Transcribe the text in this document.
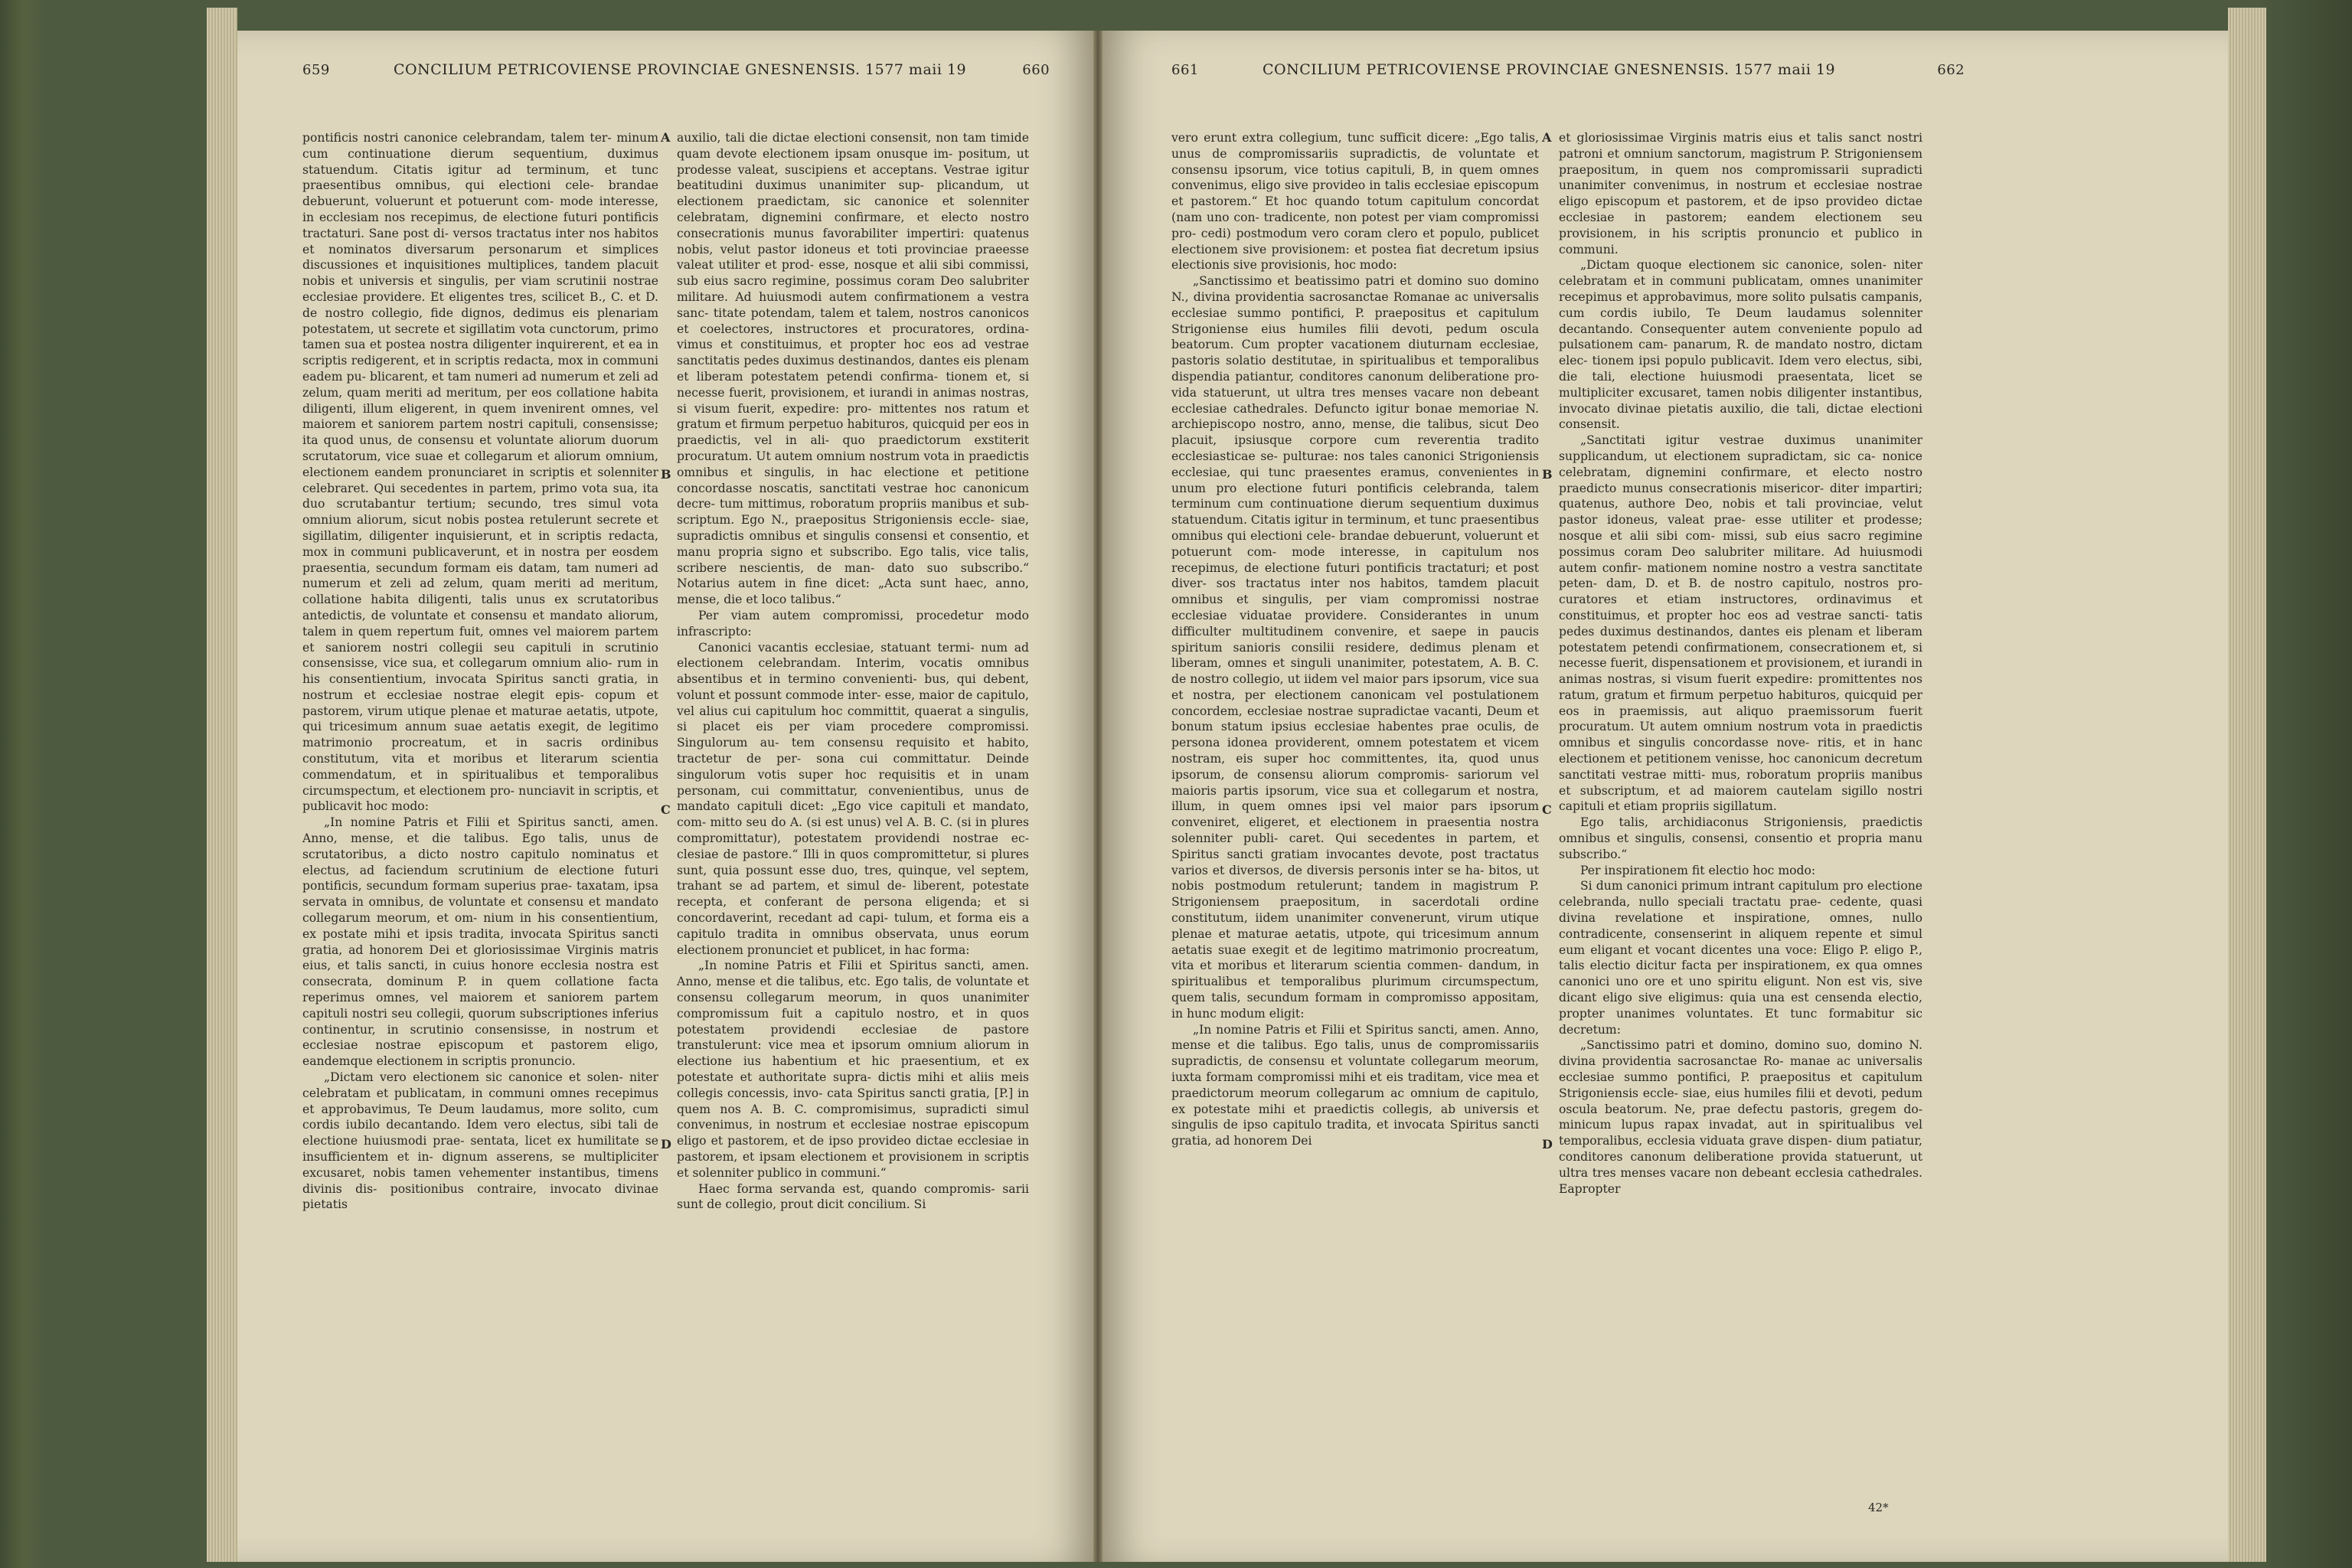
659	CONCILIUM PETRICOVIENSE PROVINCIAE GNESNENSIS. 1577 maii 19	660

pontificis nostri canonice celebrandam, talem ter- minum cum continuatione dierum sequentium, duximus statuendum. Citatis igitur ad terminum, et tunc praesentibus omnibus, qui electioni cele- brandae debuerunt, voluerunt et potuerunt com- mode interesse, in ecclesiam nos recepimus, de electione futuri pontificis tractaturi. Sane post di- versos tractatus inter nos habitos et nominatos diversarum personarum et simplices discussiones et inquisitiones multiplices, tandem placuit nobis et universis et singulis, per viam scrutinii nostrae ecclesiae providere. Et eligentes tres, scilicet B., C. et D. de nostro collegio, fide dignos, dedimus eis plenariam potestatem, ut secrete et sigillatim vota cunctorum, primo tamen sua et postea nostra diligenter inquirerent, et ea in scriptis redigerent, et in scriptis redacta, mox in communi eadem pu- blicarent, et tam numeri ad numerum et zeli ad zelum, quam meriti ad meritum, per eos collatione habita diligenti, illum eligerent, in quem invenirent omnes, vel maiorem et saniorem partem nostri capituli, consensisse; ita quod unus, de consensu et voluntate aliorum duorum scrutatorum, vice suae et collegarum et aliorum omnium, electionem eandem pronunciaret in scriptis et solenniter celebraret. Qui secedentes in partem, primo vota sua, ita duo scrutabantur tertium; secundo, tres simul vota omnium aliorum, sicut nobis postea retulerunt secrete et sigillatim, diligenter inquisierunt, et in scriptis redacta, mox in communi publicaverunt, et in nostra per eosdem praesentia, secundum formam eis datam, tam numeri ad numerum et zeli ad zelum, quam meriti ad meritum, collatione habita diligenti, talis unus ex scrutatoribus antedictis, de voluntate et consensu et mandato aliorum, talem in quem repertum fuit, omnes vel maiorem partem et saniorem nostri collegii seu capituli in scrutinio consensisse, vice sua, et collegarum omnium alio- rum in his consentientium, invocata Spiritus sancti gratia, in nostrum et ecclesiae nostrae elegit epis- copum et pastorem, virum utique plenae et maturae aetatis, utpote, qui tricesimum annum suae aetatis exegit, de legitimo matrimonio procreatum, et in sacris ordinibus constitutum, vita et moribus et literarum scientia commendatum, et in spiritualibus et temporalibus circumspectum, et electionem pro- nunciavit in scriptis, et publicavit hoc modo:

„In nomine Patris et Filii et Spiritus sancti, amen. Anno, mense, et die talibus. Ego talis, unus de scrutatoribus, a dicto nostro capitulo nominatus et electus, ad faciendum scrutinium de electione futuri pontificis, secundum formam superius prae- taxatam, ipsa servata in omnibus, de voluntate et consensu et mandato collegarum meorum, et om- nium in his consentientium, ex postate mihi et ipsis tradita, invocata Spiritus sancti gratia, ad honorem Dei et gloriosissimae Virginis matris eius, et talis sancti, in cuius honore ecclesia nostra est consecrata, dominum P. in quem collatione facta reperimus omnes, vel maiorem et saniorem partem capituli nostri seu collegii, quorum subscriptiones inferius continentur, in scrutinio consensisse, in nostrum et ecclesiae nostrae episcopum et pastorem eligo, eandemque electionem in scriptis pronuncio.

„Dictam vero electionem sic canonice et solen- niter celebratam et publicatam, in communi omnes recepimus et approbavimus, Te Deum laudamus, more solito, cum cordis iubilo decantando. Idem vero electus, sibi tali de electione huiusmodi prae- sentata, licet ex humilitate se insufficientem et in- dignum asserens, se multipliciter excusaret, nobis tamen vehementer instantibus, timens divinis dis- positionibus contraire, invocato divinae pietatis

A
B
C
D

auxilio, tali die dictae electioni consensit, non tam timide quam devote electionem ipsam onusque im- positum, ut prodesse valeat, suscipiens et acceptans. Vestrae igitur beatitudini duximus unanimiter sup- plicandum, ut electionem praedictam, sic canonice et solenniter celebratam, dignemini confirmare, et electo nostro consecrationis munus favorabiliter impertiri: quatenus nobis, velut pastor idoneus et toti provinciae praeesse valeat utiliter et prod- esse, nosque et alii sibi commissi, sub eius sacro regimine, possimus coram Deo salubriter militare. Ad huiusmodi autem confirmationem a vestra sanc- titate potendam, talem et talem, nostros canonicos et coelectores, instructores et procuratores, ordina- vimus et constituimus, et propter hoc eos ad vestrae sanctitatis pedes duximus destinandos, dantes eis plenam et liberam potestatem petendi confirma- tionem et, si necesse fuerit, provisionem, et iurandi in animas nostras, si visum fuerit, expedire: pro- mittentes nos ratum et gratum et firmum perpetuo habituros, quicquid per eos in praedictis, vel in ali- quo praedictorum exstiterit procuratum. Ut autem omnium nostrum vota in praedictis omnibus et singulis, in hac electione et petitione concordasse noscatis, sanctitati vestrae hoc canonicum decre- tum mittimus, roboratum propriis manibus et sub- scriptum. Ego N., praepositus Strigoniensis eccle- siae, supradictis omnibus et singulis consensi et consentio, et manu propria signo et subscribo. Ego talis, vice talis, scribere nescientis, de man- dato suo subscribo.“ Notarius autem in fine dicet: „Acta sunt haec, anno, mense, die et loco talibus.“

Per viam autem compromissi, procedetur modo infrascripto:

Canonici vacantis ecclesiae, statuant termi- num ad electionem celebrandam. Interim, vocatis omnibus absentibus et in termino convenienti- bus, qui debent, volunt et possunt commode inter- esse, maior de capitulo, vel alius cui capitulum hoc committit, quaerat a singulis, si placet eis per viam procedere compromissi. Singulorum au- tem consensu requisito et habito, tractetur de per- sona cui committatur. Deinde singulorum votis super hoc requisitis et in unam personam, cui committatur, convenientibus, unus de mandato capituli dicet: „Ego vice capituli et mandato, com- mitto seu do A. (si est unus) vel A. B. C. (si in plures compromittatur), potestatem providendi nostrae ec- clesiae de pastore.“ Illi in quos compromittetur, si plures sunt, quia possunt esse duo, tres, quinque, vel septem, trahant se ad partem, et simul de- liberent, potestate recepta, et conferant de persona eligenda; et si concordaverint, recedant ad capi- tulum, et forma eis a capitulo tradita in omnibus observata, unus eorum electionem pronunciet et publicet, in hac forma:

„In nomine Patris et Filii et Spiritus sancti, amen. Anno, mense et die talibus, etc. Ego talis, de voluntate et consensu collegarum meorum, in quos unanimiter compromissum fuit a capitulo nostro, et in quos potestatem providendi ecclesiae de pastore transtulerunt: vice mea et ipsorum omnium aliorum in electione ius habentium et hic praesentium, et ex potestate et authoritate supra- dictis mihi et aliis meis collegis concessis, invo- cata Spiritus sancti gratia, [P.] in quem nos A. B. C. compromisimus, supradicti simul convenimus, in nostrum et ecclesiae nostrae episcopum eligo et pastorem, et de ipso provideo dictae ecclesiae in pastorem, et ipsam electionem et provisionem in scriptis et solenniter publico in communi.“

Haec forma servanda est, quando compromis- sarii sunt de collegio, prout dicit concilium. Si

661	CONCILIUM PETRICOVIENSE PROVINCIAE GNESNENSIS. 1577 maii 19	662

vero erunt extra collegium, tunc sufficit dicere: „Ego talis, unus de compromissariis supradictis, de voluntate et consensu ipsorum, vice totius capituli, B, in quem omnes convenimus, eligo sive provideo in talis ecclesiae episcopum et pastorem.“ Et hoc quando totum capitulum concordat (nam uno con- tradicente, non potest per viam compromissi pro- cedi) postmodum vero coram clero et populo, publicet electionem sive provisionem: et postea fiat decretum ipsius electionis sive provisionis, hoc modo:

„Sanctissimo et beatissimo patri et domino suo domino N., divina providentia sacrosanctae Romanae ac universalis ecclesiae summo pontifici, P. praepositus et capitulum Strigoniense eius humiles filii devoti, pedum oscula beatorum. Cum propter vacationem diuturnam ecclesiae, pastoris solatio destitutae, in spiritualibus et temporalibus dispendia patiantur, conditores canonum deliberatione pro- vida statuerunt, ut ultra tres menses vacare non debeant ecclesiae cathedrales. Defuncto igitur bonae memoriae N. archiepiscopo nostro, anno, mense, die talibus, sicut Deo placuit, ipsiusque corpore cum reverentia tradito ecclesiasticae se- pulturae: nos tales canonici Strigoniensis ecclesiae, qui tunc praesentes eramus, convenientes in unum pro electione futuri pontificis celebranda, talem terminum cum continuatione dierum sequentium duximus statuendum. Citatis igitur in terminum, et tunc praesentibus omnibus qui electioni cele- brandae debuerunt, voluerunt et potuerunt com- mode interesse, in capitulum nos recepimus, de electione futuri pontificis tractaturi; et post diver- sos tractatus inter nos habitos, tamdem placuit omnibus et singulis, per viam compromissi nostrae ecclesiae viduatae providere. Considerantes in unum difficulter multitudinem convenire, et saepe in paucis spiritum sanioris consilii residere, dedimus plenam et liberam, omnes et singuli unanimiter, potestatem, A. B. C. de nostro collegio, ut iidem vel maior pars ipsorum, vice sua et nostra, per electionem canonicam vel postulationem concordem, ecclesiae nostrae supradictae vacanti, Deum et bonum statum ipsius ecclesiae habentes prae oculis, de persona idonea providerent, omnem potestatem et vicem nostram, eis super hoc committentes, ita, quod unus ipsorum, de consensu aliorum compromis- sariorum vel maioris partis ipsorum, vice sua et collegarum et nostra, illum, in quem omnes ipsi vel maior pars ipsorum conveniret, eligeret, et electionem in praesentia nostra solenniter publi- caret. Qui secedentes in partem, et Spiritus sancti gratiam invocantes devote, post tractatus varios et diversos, de diversis personis inter se ha- bitos, ut nobis postmodum retulerunt; tandem in magistrum P. Strigoniensem praepositum, in sacerdotali ordine constitutum, iidem unanimiter convenerunt, virum utique plenae et maturae aetatis, utpote, qui tricesimum annum aetatis suae exegit et de legitimo matrimonio procreatum, vita et moribus et literarum scientia commen- dandum, in spiritualibus et temporalibus plurimum circumspectum, quem talis, secundum formam in compromisso appositam, in hunc modum eligit:

„In nomine Patris et Filii et Spiritus sancti, amen. Anno, mense et die talibus. Ego talis, unus de compromissariis supradictis, de consensu et voluntate collegarum meorum, iuxta formam compromissi mihi et eis traditam, vice mea et praedictorum meorum collegarum ac omnium de capitulo, ex potestate mihi et praedictis collegis, ab universis et singulis de ipso capitulo tradita, et invocata Spiritus sancti gratia, ad honorem Dei

A
B
C
D

et gloriosissimae Virginis matris eius et talis sanct nostri patroni et omnium sanctorum, magistrum P. Strigoniensem praepositum, in quem nos compromissarii supradicti unanimiter convenimus, in nostrum et ecclesiae nostrae eligo episcopum et pastorem, et de ipso provideo dictae ecclesiae in pastorem; eandem electionem seu provisionem, in his scriptis pronuncio et publico in communi.

„Dictam quoque electionem sic canonice, solen- niter celebratam et in communi publicatam, omnes unanimiter recepimus et approbavimus, more solito pulsatis campanis, cum cordis iubilo, Te Deum laudamus solenniter decantando. Consequenter autem conveniente populo ad pulsationem cam- panarum, R. de mandato nostro, dictam elec- tionem ipsi populo publicavit. Idem vero electus, sibi, die tali, electione huiusmodi praesentata, licet se multipliciter excusaret, tamen nobis diligenter instantibus, invocato divinae pietatis auxilio, die tali, dictae electioni consensit.

„Sanctitati igitur vestrae duximus unanimiter supplicandum, ut electionem supradictam, sic ca- nonice celebratam, dignemini confirmare, et electo nostro praedicto munus consecrationis misericor- diter impartiri; quatenus, authore Deo, nobis et tali provinciae, velut pastor idoneus, valeat prae- esse utiliter et prodesse; nosque et alii sibi com- missi, sub eius sacro regimine possimus coram Deo salubriter militare. Ad huiusmodi autem confir- mationem nomine nostro a vestra sanctitate peten- dam, D. et B. de nostro capitulo, nostros pro- curatores et etiam instructores, ordinavimus et constituimus, et propter hoc eos ad vestrae sancti- tatis pedes duximus destinandos, dantes eis plenam et liberam potestatem petendi confirmationem, consecrationem et, si necesse fuerit, dispensationem et provisionem, et iurandi in animas nostras, si visum fuerit expedire: promittentes nos ratum, gratum et firmum perpetuo habituros, quicquid per eos in praemissis, aut aliquo praemissorum fuerit procuratum. Ut autem omnium nostrum vota in praedictis omnibus et singulis concordasse nove- ritis, et in hanc electionem et petitionem venisse, hoc canonicum decretum sanctitati vestrae mitti- mus, roboratum propriis manibus et subscriptum, et ad maiorem cautelam sigillo nostri capituli et etiam propriis sigillatum.

Ego talis, archidiaconus Strigoniensis, praedictis omnibus et singulis, consensi, consentio et propria manu subscribo.“

Per inspirationem fit electio hoc modo:

Si dum canonici primum intrant capitulum pro electione celebranda, nullo speciali tractatu prae- cedente, quasi divina revelatione et inspiratione, omnes, nullo contradicente, consenserint in aliquem repente et simul eum eligant et vocant dicentes una voce: Eligo P. eligo P., talis electio dicitur facta per inspirationem, ex qua omnes canonici uno ore et uno spiritu eligunt. Non est vis, sive dicant eligo sive eligimus: quia una est censenda electio, propter unanimes voluntates. Et tunc formabitur sic decretum:

„Sanctissimo patri et domino, domino suo, domino N. divina providentia sacrosanctae Ro- manae ac universalis ecclesiae summo pontifici, P. praepositus et capitulum Strigoniensis eccle- siae, eius humiles filii et devoti, pedum oscula beatorum. Ne, prae defectu pastoris, gregem do- minicum lupus rapax invadat, aut in spiritualibus vel temporalibus, ecclesia viduata grave dispen- dium patiatur, conditores canonum deliberatione provida statuerunt, ut ultra tres menses vacare non debeant ecclesia cathedrales. Eapropter

42*
